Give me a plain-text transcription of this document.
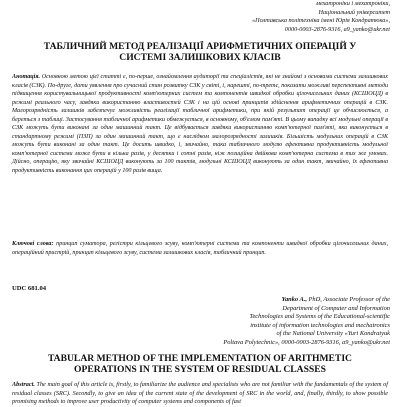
мехатроніки і мехатроніки,
Національний університет
«Полтавська політехніка імені Юрія Кондратюка»,
0000-0003-2876-9316, a9_yanko@ukr.net
ТАБЛИЧНИЙ МЕТОД РЕАЛІЗАЦІЇ АРИФМЕТИЧНИХ ОПЕРАЦІЙ У
СИСТЕМІ ЗАЛИШКОВИХ КЛАСІВ

Анотація. Основною метою цієї статті є, по-перше, ознайомлення аудиторії та спеціалістів, які не знайомі з основами системи залишкових класів (СЗК). По-друге, дати уявлення про сучасний стан розвитку СЗК у світі, і, нарешті, по-третє, показати можливі перспективні методи підвищення користувальницької продуктивності комп'ютерних систем та компонентів швидкої обробки цілочисельних даних (КСШОЦД) в режимі реального часу, завдяки використанню властивостей СЗК і на цій основі принципів здійснення арифметичних операцій в СЗК. Малорозрядність залишків забезпечує можливість реалізації табличної арифметики, при якій результат операції це обчислюється, а береться з таблиці. Застосування табличної арифметики обмежується, в основному, об'ємом пам'яті. В цьому випадку всі модульні операції в СЗК можуть бути виконані за один машинний такт. Це відбувається завдяки використанню комп'ютерної пам'яті, яка виконується в стандартному режимі (ПЗП) за один машинний такт, що є наслідком малорозрядності залишків. Більшість модульних операцій в СЗК можуть бути виконані за один такт. Це досить швидко, і, звичайно, така табличного модулю ефективна продуктивність модульної комп'ютерної системи може бути в кілька разів, у десятки і сотні разів, ніж позиційна двійкова комп'ютерна система в тих же умовах. Дійсно, операцію, яку звичайні КСШОЦД виконують за 100 тактів, модульні КСШОЦД виконують за один такт, звичайно, їх ефективна продуктивність виконання цих операцій у 100 разів вища.

Ключові слова: принцип суматора, регістри кільцевого зсуву, комп'ютерні системи та компоненти швидкої обробки цілочисельних даних, операційний пристрій, принцип кільцевого зсуву, система залишкових класів, табличний принцип.

UDC 681.04
Yanko A., PhD, Associate Professor of the
Department of Computer and Information
Technologies and Systems of the Educational-scientific
institute of information technologies and mechatronics
of the National University «Yuri Kondratyuk
Poltava Polytechnic», 0000-0003-2876-9316, a9_yanko@ukr.net
TABULAR METHOD OF THE IMPLEMENTATION OF ARITHMETIC
OPERATIONS IN THE SYSTEM OF RESIDUAL CLASSES

Abstract. The main goal of this article is, firstly, to familiarize the audience and specialists who are not familiar with the fundamentals of the system of residual classes (SRC). Secondly, to give an idea of the current state of the development of SRC in the world, and, finally, thirdly, to show possible promising methods to improve user productivity of computer systems and components of fast
